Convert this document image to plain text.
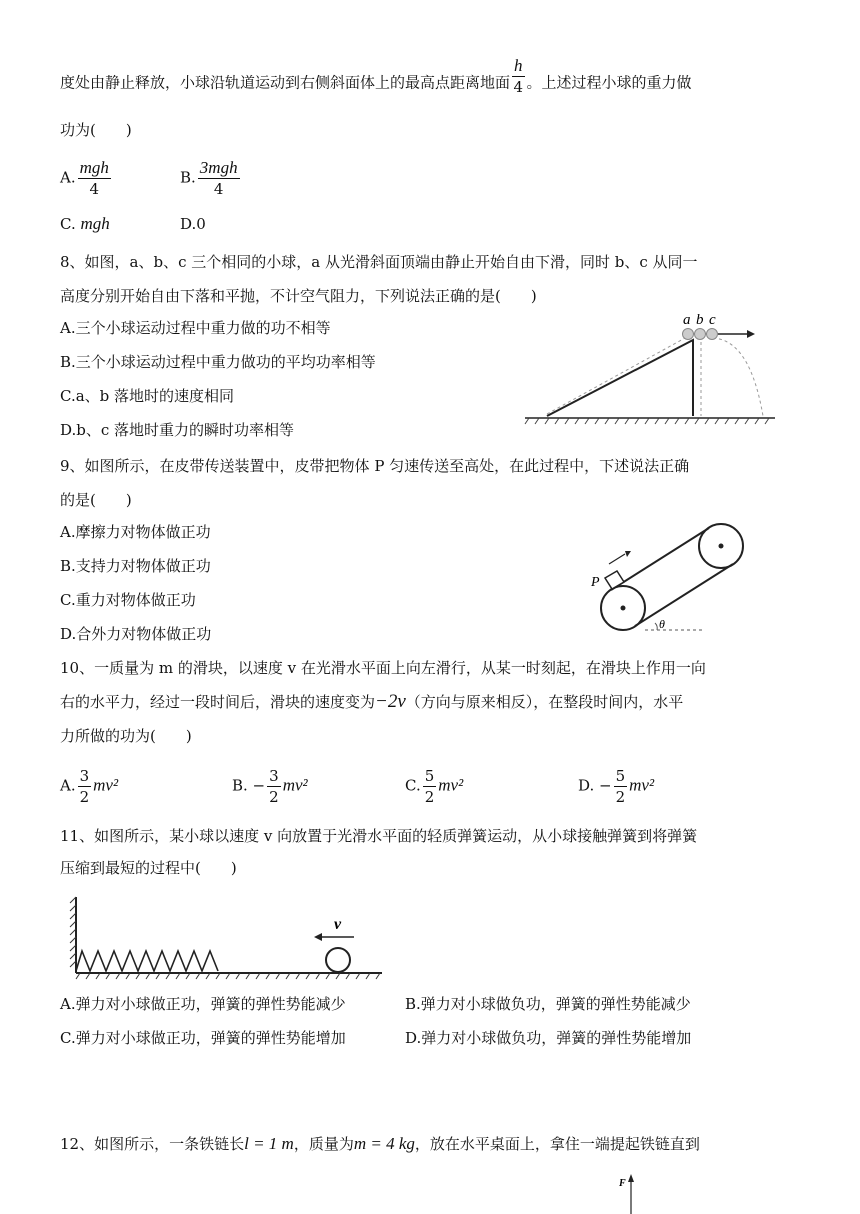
度处由静止释放，小球沿轨道运动到右侧斜面体上的最高点距离地面 $\frac{h}{4}$ 。上述过程小球的重力做
功为(　　)
A. $\frac{\text{mgh}}{4}$	B. $\frac{\text{3mgh}}{4}$
C. mgh	D.0
8、如图，a、b、c 三个相同的小球，a 从光滑斜面顶端由静止开始自由下滑，同时 b、c 从同一
高度分别开始自由下落和平抛，不计空气阻力，下列说法正确的是(　　)
A.三个小球运动过程中重力做的功不相等
B.三个小球运动过程中重力做功的平均功率相等
C.a、b 落地时的速度相同
D.b、c 落地时重力的瞬时功率相等
a b c
9、如图所示，在皮带传送装置中，皮带把物体 P 匀速传送至高处，在此过程中，下述说法正确
的是(　　)
A.摩擦力对物体做正功
B.支持力对物体做正功
C.重力对物体做正功
D.合外力对物体做正功
P
θ
10、一质量为 m 的滑块，以速度 v 在光滑水平面上向左滑行，从某一时刻起，在滑块上作用一向
右的水平力，经过一段时间后，滑块的速度变为−2v（方向与原来相反），在整段时间内，水平
力所做的功为(　　)
A. $\frac{3}{2} mv^2$	B. − $\frac{3}{2} mv^2$	C. $\frac{5}{2} mv^2$	D. − $\frac{5}{2} mv^2$
11、如图所示，某小球以速度 v 向放置于光滑水平面的轻质弹簧运动，从小球接触弹簧到将弹簧
压缩到最短的过程中(　　)
v
A.弹力对小球做正功，弹簧的弹性势能减少	B.弹力对小球做负功，弹簧的弹性势能减少
C.弹力对小球做正功，弹簧的弹性势能增加	D.弹力对小球做负功，弹簧的弹性势能增加
12、如图所示，一条铁链长l = 1 m，质量为m = 4 kg，放在水平桌面上，拿住一端提起铁链直到
F
